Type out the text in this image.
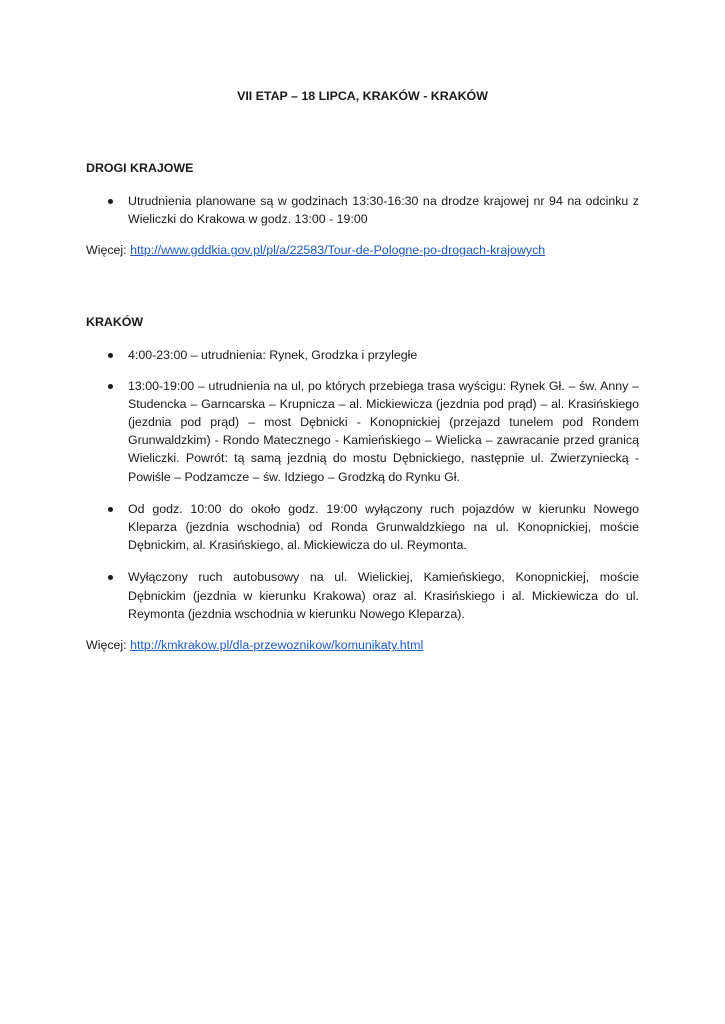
VII ETAP – 18 LIPCA, KRAKÓW - KRAKÓW

DROGI KRAJOWE

Utrudnienia planowane są w godzinach 13:30-16:30 na drodze krajowej nr 94 na odcinku z Wieliczki do Krakowa w godz. 13:00 - 19:00

Więcej: http://www.gddkia.gov.pl/pl/a/22583/Tour-de-Pologne-po-drogach-krajowych

KRAKÓW

4:00-23:00 – utrudnienia: Rynek, Grodzka i przyległe
13:00-19:00 – utrudnienia na ul, po których przebiega trasa wyścigu: Rynek Gł. – św. Anny – Studencka – Garncarska – Krupnicza – al. Mickiewicza (jezdnia pod prąd) – al. Krasińskiego (jezdnia pod prąd) – most Dębnicki - Konopnickiej (przejazd tunelem pod Rondem Grunwaldzkim) - Rondo Matecznego - Kamieńskiego – Wielicka – zawracanie przed granicą Wieliczki. Powrót: tą samą jezdnią do mostu Dębnickiego, następnie ul. Zwierzyniecką - Powiśle – Podzamcze – św. Idziego – Grodzką do Rynku Gł.
Od godz. 10:00 do około godz. 19:00 wyłączony ruch pojazdów w kierunku Nowego Kleparza (jezdnia wschodnia) od Ronda Grunwaldzkiego na ul. Konopnickiej, moście Dębnickim, al. Krasińskiego, al. Mickiewicza do ul. Reymonta.
Wyłączony ruch autobusowy na ul. Wielickiej, Kamieńskiego, Konopnickiej, moście Dębnickim (jezdnia w kierunku Krakowa) oraz al. Krasińskiego i al. Mickiewicza do ul. Reymonta (jezdnia wschodnia w kierunku Nowego Kleparza).

Więcej: http://kmkrakow.pl/dla-przewoznikow/komunikaty.html
